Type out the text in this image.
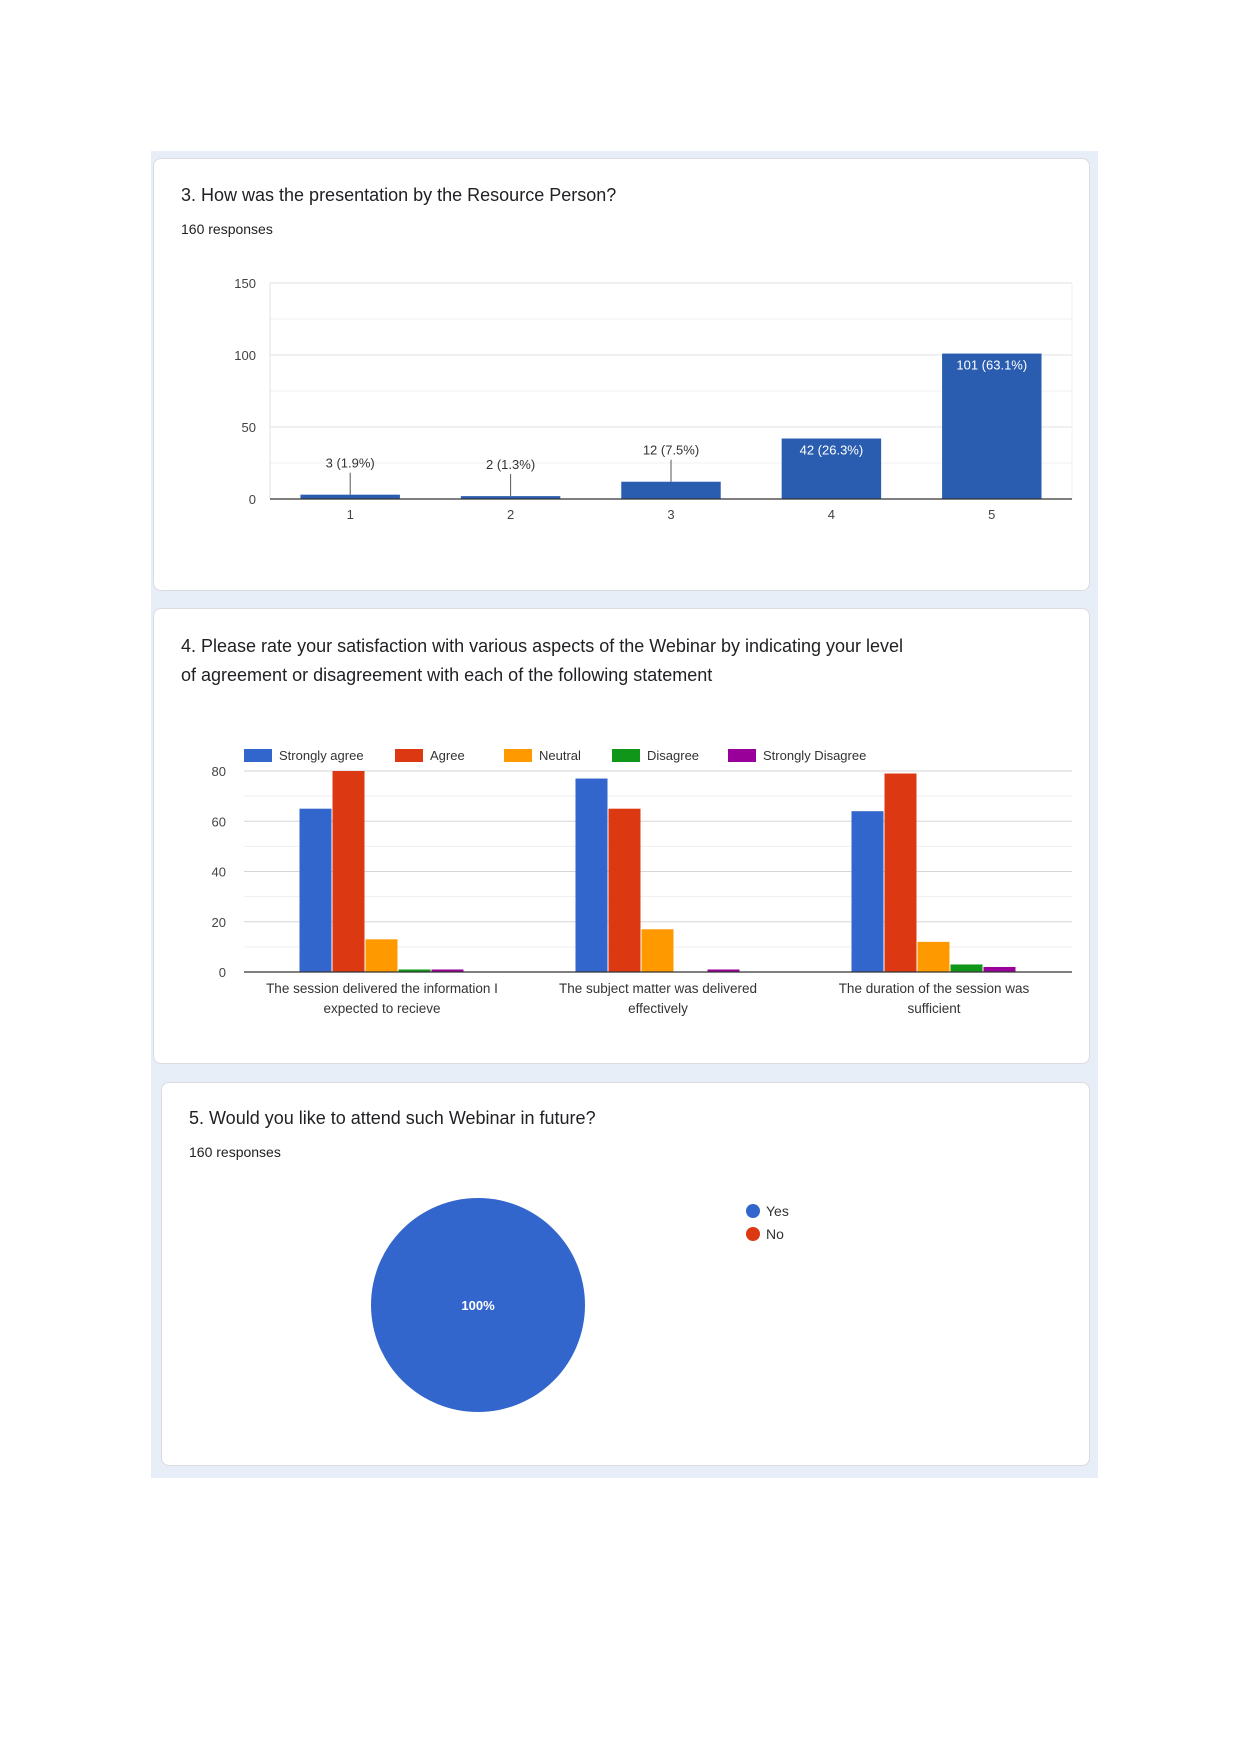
3. How was the presentation by the Resource Person?
160 responses
0
50
100
150
3 (1.9%)
1
2 (1.3%)
2
12 (7.5%)
3
42 (26.3%)
4
101 (63.1%)
5
4. Please rate your satisfaction with various aspects of the Webinar by indicating your level
of agreement or disagreement with each of the following statement
0
20
40
60
80
Strongly agree	Agree	Neutral	Disagree	Strongly Disagree
The session delivered the information I
expected to recieve
The subject matter was delivered
effectively
The duration of the session was
sufficient
5. Would you like to attend such Webinar in future?
160 responses
100%
Yes
No
